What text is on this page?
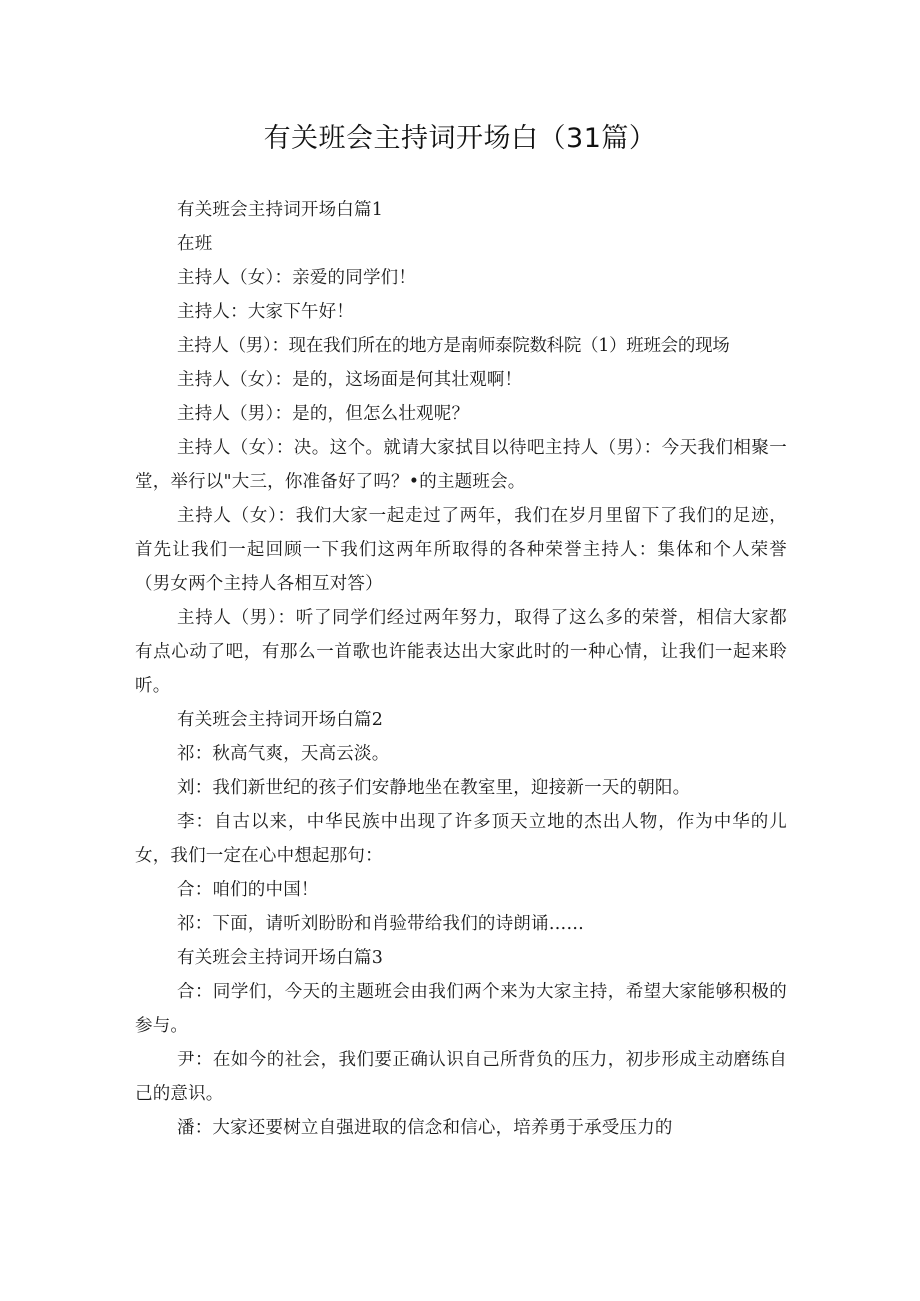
有关班会主持词开场白（31篇）

有关班会主持词开场白篇1

在班

主持人（女）：亲爱的同学们！

主持人：大家下午好！

主持人（男）：现在我们所在的地方是南师泰院数科院（1）班班会的现场

主持人（女）：是的，这场面是何其壮观啊！

主持人（男）：是的，但怎么壮观呢？

主持人（女）：决。这个。就请大家拭目以待吧主持人（男）：今天我们相聚一堂，举行以"大三，你准备好了吗？•的主题班会。

主持人（女）：我们大家一起走过了两年，我们在岁月里留下了我们的足迹，首先让我们一起回顾一下我们这两年所取得的各种荣誉主持人：集体和个人荣誉（男女两个主持人各相互对答）

主持人（男）：听了同学们经过两年努力，取得了这么多的荣誉，相信大家都有点心动了吧，有那么一首歌也许能表达出大家此时的一种心情，让我们一起来聆听。

有关班会主持词开场白篇2

祁：秋高气爽，天高云淡。

刘：我们新世纪的孩子们安静地坐在教室里，迎接新一天的朝阳。

李：自古以来，中华民族中出现了许多顶天立地的杰出人物，作为中华的儿女，我们一定在心中想起那句：

合：咱们的中国！

祁：下面，请听刘盼盼和肖验带给我们的诗朗诵……

有关班会主持词开场白篇3

合：同学们，今天的主题班会由我们两个来为大家主持，希望大家能够积极的参与。

尹：在如今的社会，我们要正确认识自己所背负的压力，初步形成主动磨练自己的意识。

潘：大家还要树立自强进取的信念和信心，培养勇于承受压力的
